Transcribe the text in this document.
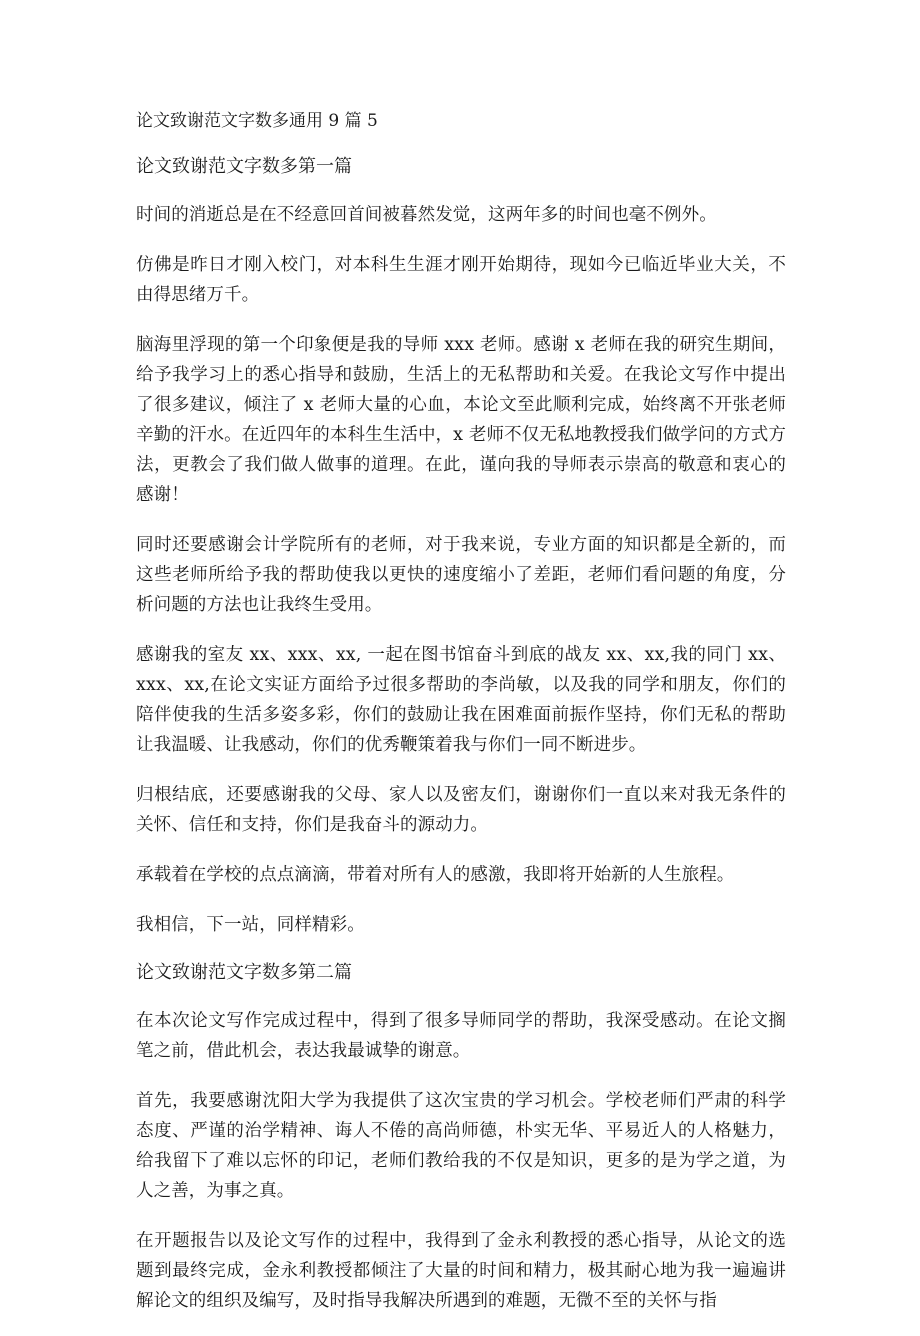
论文致谢范文字数多通用 9 篇 5
论文致谢范文字数多第一篇

时间的消逝总是在不经意回首间被暮然发觉，这两年多的时间也毫不例外。

仿佛是昨日才刚入校门，对本科生生涯才刚开始期待，现如今已临近毕业大关，不由得思绪万千。

脑海里浮现的第一个印象便是我的导师 xxx 老师。感谢 x 老师在我的研究生期间，给予我学习上的悉心指导和鼓励，生活上的无私帮助和关爱。在我论文写作中提出了很多建议，倾注了 x 老师大量的心血，本论文至此顺利完成，始终离不开张老师辛勤的汗水。在近四年的本科生生活中，x 老师不仅无私地教授我们做学问的方式方法，更教会了我们做人做事的道理。在此，谨向我的导师表示崇高的敬意和衷心的感谢！

同时还要感谢会计学院所有的老师，对于我来说，专业方面的知识都是全新的，而这些老师所给予我的帮助使我以更快的速度缩小了差距，老师们看问题的角度，分析问题的方法也让我终生受用。

感谢我的室友 xx、xxx、xx, 一起在图书馆奋斗到底的战友 xx、xx,我的同门 xx、xxx、xx,在论文实证方面给予过很多帮助的李尚敏，以及我的同学和朋友，你们的陪伴使我的生活多姿多彩，你们的鼓励让我在困难面前振作坚持，你们无私的帮助让我温暖、让我感动，你们的优秀鞭策着我与你们一同不断进步。

归根结底，还要感谢我的父母、家人以及密友们，谢谢你们一直以来对我无条件的关怀、信任和支持，你们是我奋斗的源动力。

承载着在学校的点点滴滴，带着对所有人的感激，我即将开始新的人生旅程。

我相信，下一站，同样精彩。

论文致谢范文字数多第二篇

在本次论文写作完成过程中，得到了很多导师同学的帮助，我深受感动。在论文搁笔之前，借此机会，表达我最诚挚的谢意。

首先，我要感谢沈阳大学为我提供了这次宝贵的学习机会。学校老师们严肃的科学态度、严谨的治学精神、诲人不倦的高尚师德，朴实无华、平易近人的人格魅力，给我留下了难以忘怀的印记，老师们教给我的不仅是知识，更多的是为学之道，为人之善，为事之真。

在开题报告以及论文写作的过程中，我得到了金永利教授的悉心指导，从论文的选题到最终完成，金永利教授都倾注了大量的时间和精力，极其耐心地为我一遍遍讲解论文的组织及编写，及时指导我解决所遇到的难题，无微不至的关怀与指
